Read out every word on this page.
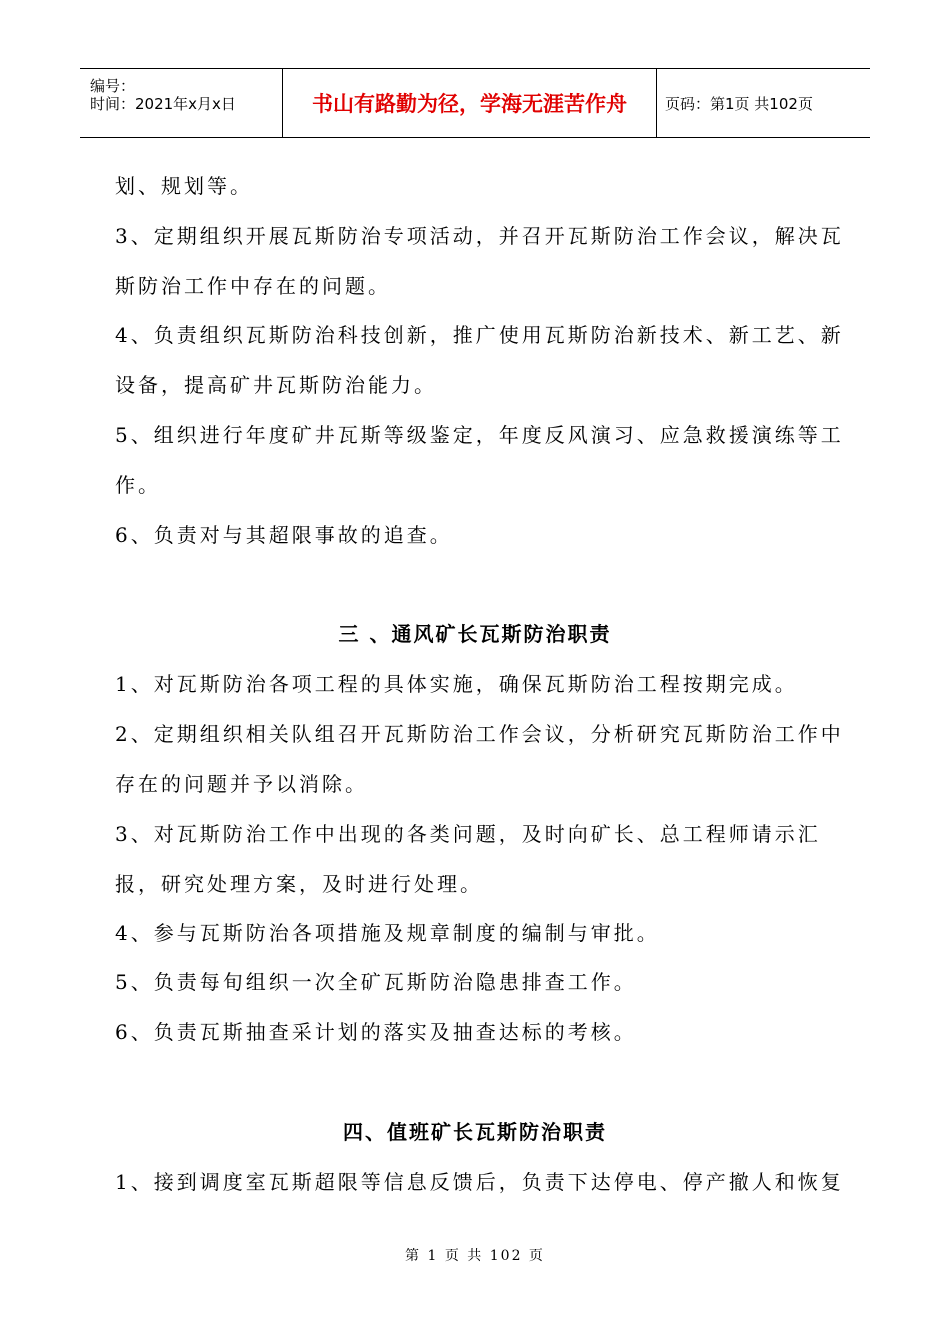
编号：
时间：2021年x月x日	书山有路勤为径，学海无涯苦作舟	页码：第1页 共102页
划、规划等。
3、定期组织开展瓦斯防治专项活动，并召开瓦斯防治工作会议，解决瓦
斯防治工作中存在的问题。
4、负责组织瓦斯防治科技创新，推广使用瓦斯防治新技术、新工艺、新
设备，提高矿井瓦斯防治能力。
5、组织进行年度矿井瓦斯等级鉴定，年度反风演习、应急救援演练等工
作。
6、负责对与其超限事故的追查。
三 、通风矿长瓦斯防治职责
1、对瓦斯防治各项工程的具体实施，确保瓦斯防治工程按期完成。
2、定期组织相关队组召开瓦斯防治工作会议，分析研究瓦斯防治工作中
存在的问题并予以消除。
3、对瓦斯防治工作中出现的各类问题，及时向矿长、总工程师请示汇
报，研究处理方案，及时进行处理。
4、参与瓦斯防治各项措施及规章制度的编制与审批。
5、负责每旬组织一次全矿瓦斯防治隐患排查工作。
6、负责瓦斯抽查采计划的落实及抽查达标的考核。
四、值班矿长瓦斯防治职责
1、接到调度室瓦斯超限等信息反馈后，负责下达停电、停产撤人和恢复
第 1 页 共 102 页
